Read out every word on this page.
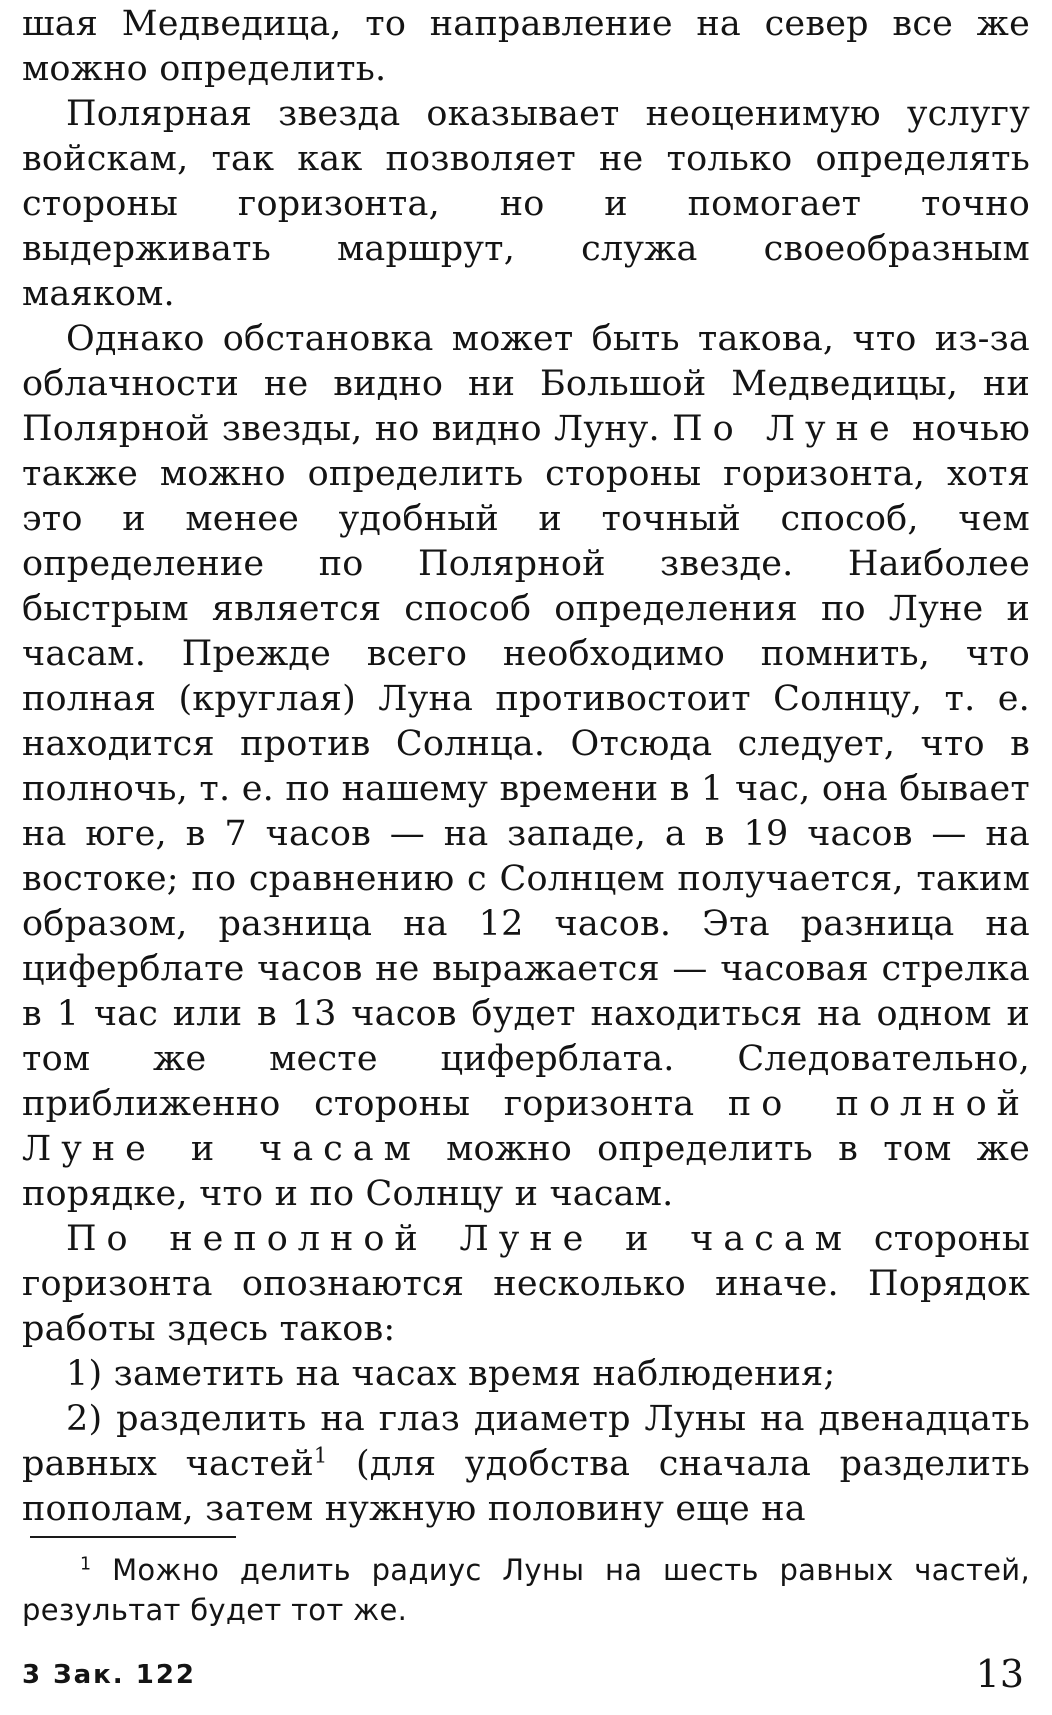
шая Медведица, то направление на север все же можно определить.

Полярная звезда оказывает неоценимую услугу войскам, так как позволяет не только определять стороны горизонта, но и помогает точно выдерживать маршрут, служа своеобразным маяком.

Однако обстановка может быть такова, что из-за облачности не видно ни Большой Медведицы, ни Полярной звезды, но видно Луну. По Луне ночью также можно определить стороны горизонта, хотя это и менее удобный и точный способ, чем определение по Полярной звезде. Наиболее быстрым является способ определения по Луне и часам. Прежде всего необходимо помнить, что полная (круглая) Луна противостоит Солнцу, т. е. находится против Солнца. Отсюда следует, что в полночь, т. е. по нашему времени в 1 час, она бывает на юге, в 7 часов — на западе, а в 19 часов — на востоке; по сравнению с Солнцем получается, таким образом, разница на 12 часов. Эта разница на циферблате часов не выражается — часовая стрелка в 1 час или в 13 часов будет находиться на одном и том же месте циферблата. Следовательно, приближенно стороны горизонта по полной Луне и часам можно определить в том же порядке, что и по Солнцу и часам.

По неполной Луне и часам стороны горизонта опознаются несколько иначе. Порядок работы здесь таков:

1) заметить на часах время наблюдения;

2) разделить на глаз диаметр Луны на двенадцать равных частей$^1$ (для удобства сначала разделить пополам, затем нужную половину еще на

$^1$ Можно делить радиус Луны на шесть равных частей, результат будет тот же.
3 Зак. 122	13
